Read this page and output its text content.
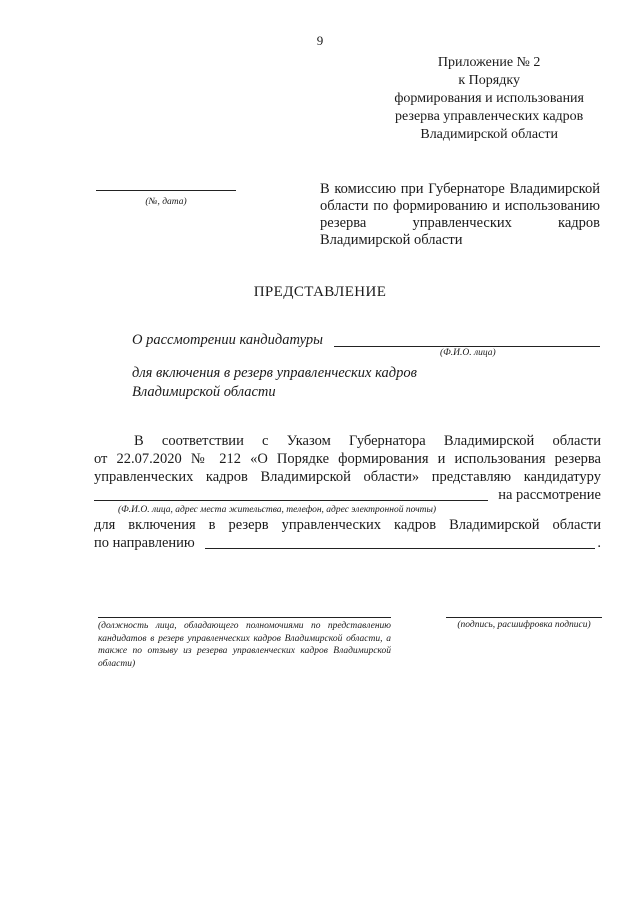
9
Приложение № 2
к Порядку
формирования и использования
резерва управленческих кадров
Владимирской области
(№, дата)
В комиссию при Губернаторе Владимирской области по формированию и использованию резерва управленческих кадров Владимирской области
ПРЕДСТАВЛЕНИЕ
О рассмотрении кандидатуры
(Ф.И.О. лица)
для включения в резерв управленческих кадров
Владимирской области
В соответствии с Указом Губернатора Владимирской области
от 22.07.2020 № 212 «О Порядке формирования и использования резерва
управленческих кадров Владимирской области» представляю кандидатуру
на рассмотрение
для включения в резерв управленческих кадров Владимирской области
по направлению	.
(Ф.И.О. лица, адрес места жительства, телефон, адрес электронной почты)
(должность лица, обладающего полномочиями по представлению кандидатов в резерв управленческих кадров Владимирской области, а также по отзыву из резерва управленческих кадров Владимирской области)
(подпись, расшифровка подписи)
